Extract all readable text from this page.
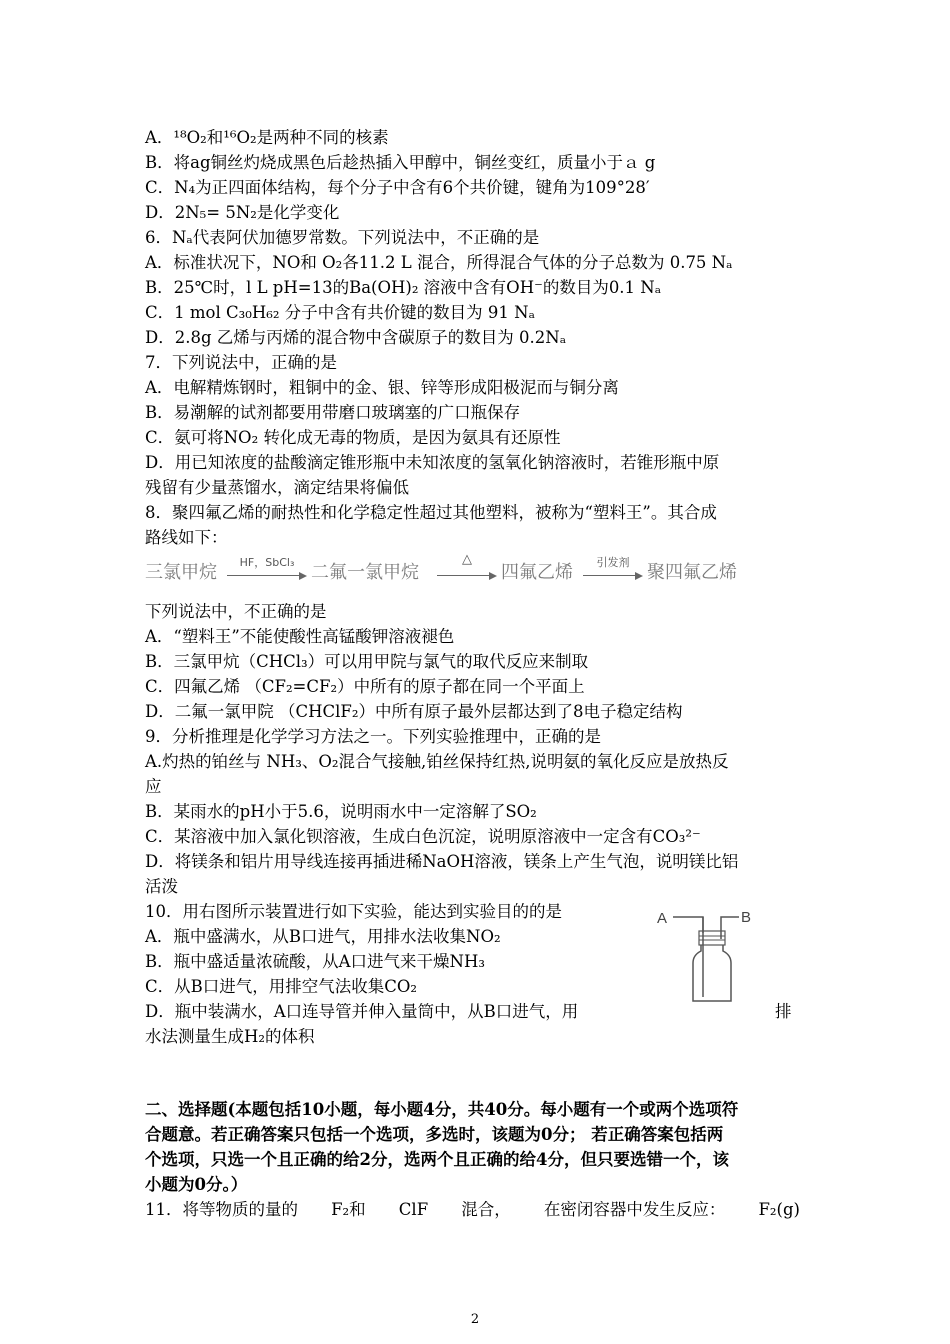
A．¹⁸O₂和¹⁶O₂是两种不同的核素
B．将ag铜丝灼烧成黑色后趁热插入甲醇中，铜丝变红，质量小于ａ g
C．N₄为正四面体结构，每个分子中含有6个共价键，键角为109°28′
D．2N₅= 5N₂是化学变化
6．Nₐ代表阿伏加德罗常数。下列说法中，不正确的是
A．标准状况下，NO和 O₂各11.2 L 混合，所得混合气体的分子总数为 0.75 Nₐ
B．25℃时，l L pH=13的Ba(OH)₂ 溶液中含有OH⁻的数目为0.1 Nₐ
C．1 mol C₃₀H₆₂ 分子中含有共价键的数目为 91 Nₐ
D．2.8g 乙烯与丙烯的混合物中含碳原子的数目为 0.2Nₐ
7．下列说法中，正确的是
A．电解精炼钢时，粗铜中的金、银、锌等形成阳极泥而与铜分离
B．易潮解的试剂都要用带磨口玻璃塞的广口瓶保存
C．氨可将NO₂ 转化成无毒的物质，是因为氨具有还原性
D．用已知浓度的盐酸滴定锥形瓶中未知浓度的氢氧化钠溶液时，若锥形瓶中原
残留有少量蒸馏水，滴定结果将偏低
8．聚四氟乙烯的耐热性和化学稳定性超过其他塑料，被称为“塑料王”。其合成
路线如下：
三氯甲烷	HF，SbCl₃ 二氟一氯甲烷
△
四氟乙烯	引发剂 聚四氟乙烯
下列说法中，不正确的是
A．“塑料王”不能使酸性高锰酸钾溶液褪色
B．三氯甲炕（CHCl₃）可以用甲院与氯气的取代反应来制取
C．四氟乙烯 （CF₂=CF₂）中所有的原子都在同一个平面上
D．二氟一氯甲院 （CHClF₂）中所有原子最外层都达到了8电子稳定结构
9．分析推理是化学学习方法之一。下列实验推理中，正确的是
A.灼热的铂丝与 NH₃、O₂混合气接触,铂丝保持红热,说明氨的氧化反应是放热反
应
B．某雨水的pH小于5.6，说明雨水中一定溶解了SO₂
C．某溶液中加入氯化钡溶液，生成白色沉淀，说明原溶液中一定含有CO₃²⁻
D．将镁条和铝片用导线连接再插进稀NaOH溶液，镁条上产生气泡，说明镁比铝
活泼
10．用右图所示装置进行如下实验，能达到实验目的的是
A．瓶中盛满水，从B口进气，用排水法收集NO₂
B．瓶中盛适量浓硫酸，从A口进气来干燥NH₃
C．从B口进气，用排空气法收集CO₂
D．瓶中装满水，A口连导管并伸入量筒中，从B口进气，用	排
水法测量生成H₂的体积
A	B
二、选择题(本题包括10小题，每小题4分，共40分。每小题有一个或两个选项符
合题意。若正确答案只包括一个选项，多选时，该题为0分； 若正确答案包括两
个选项，只选一个且正确的给2分，选两个且正确的给4分，但只要选错一个，该
小题为0分。）
11．将等物质的量的 F₂和 ClF 混合， 在密闭容器中发生反应： F₂(g)
2
